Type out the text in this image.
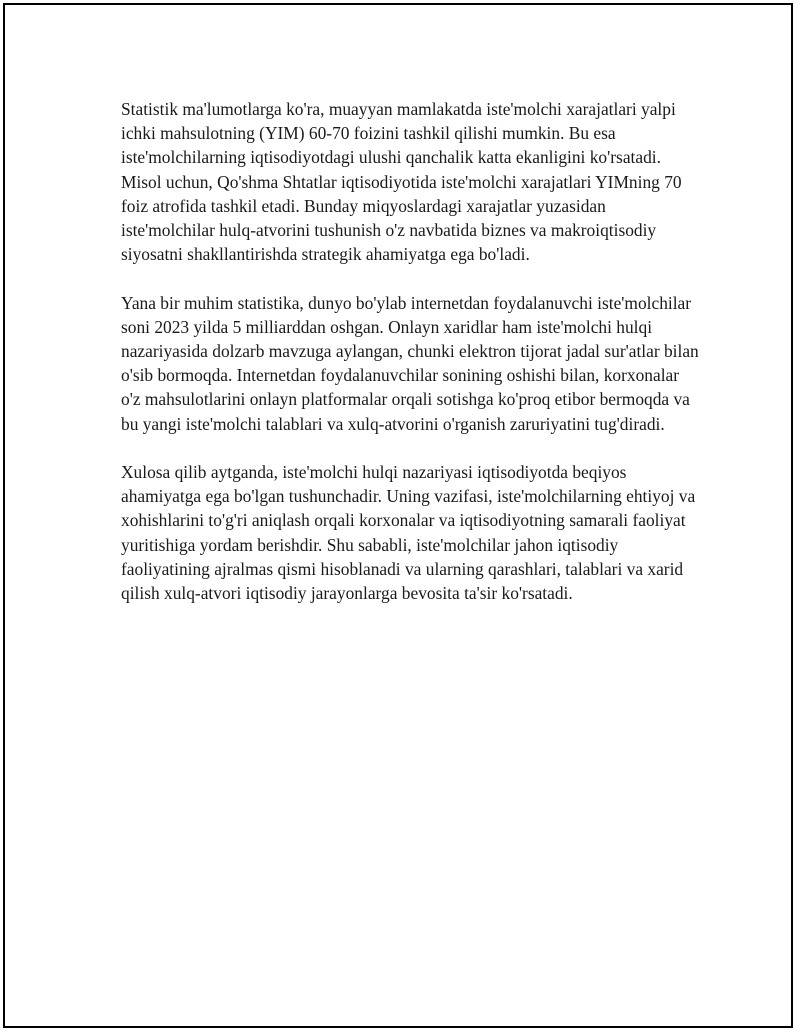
Statistik ma'lumotlarga ko'ra, muayyan mamlakatda iste'molchi xarajatlari yalpi ichki mahsulotning (YIM) 60-70 foizini tashkil qilishi mumkin. Bu esa iste'molchilarning iqtisodiyotdagi ulushi qanchalik katta ekanligini ko'rsatadi. Misol uchun, Qo'shma Shtatlar iqtisodiyotida iste'molchi xarajatlari YIMning 70 foiz atrofida tashkil etadi. Bunday miqyoslardagi xarajatlar yuzasidan iste'molchilar hulq-atvorini tushunish o'z navbatida biznes va makroiqtisodiy siyosatni shakllantirishda strategik ahamiyatga ega bo'ladi.

Yana bir muhim statistika, dunyo bo'ylab internetdan foydalanuvchi iste'molchilar soni 2023 yilda 5 milliarddan oshgan. Onlayn xaridlar ham iste'molchi hulqi nazariyasida dolzarb mavzuga aylangan, chunki elektron tijorat jadal sur'atlar bilan o'sib bormoqda. Internetdan foydalanuvchilar sonining oshishi bilan, korxonalar o'z mahsulotlarini onlayn platformalar orqali sotishga ko'proq etibor bermoqda va bu yangi iste'molchi talablari va xulq-atvorini o'rganish zaruriyatini tug'diradi.

Xulosa qilib aytganda, iste'molchi hulqi nazariyasi iqtisodiyotda beqiyos ahamiyatga ega bo'lgan tushunchadir. Uning vazifasi, iste'molchilarning ehtiyoj va xohishlarini to'g'ri aniqlash orqali korxonalar va iqtisodiyotning samarali faoliyat yuritishiga yordam berishdir. Shu sababli, iste'molchilar jahon iqtisodiy faoliyatining ajralmas qismi hisoblanadi va ularning qarashlari, talablari va xarid qilish xulq-atvori iqtisodiy jarayonlarga bevosita ta'sir ko'rsatadi.
